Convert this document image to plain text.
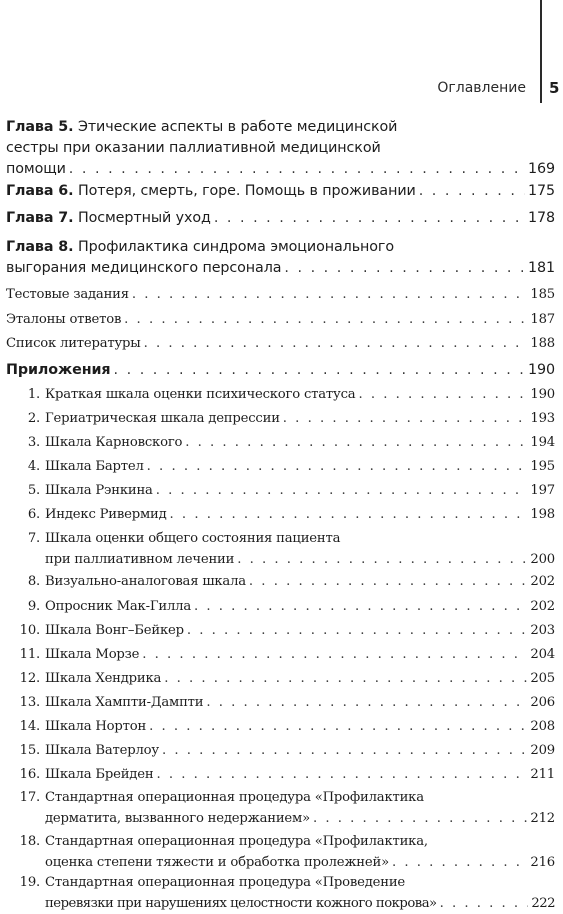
Оглавление 5
Глава 5. Этические аспекты в работе медицинской
сестры при оказании паллиативной медицинской
помощи . . .	169
Глава 6. Потеря, смерть, горе. Помощь в проживании . . .	175
Глава 7. Посмертный уход . . .	178
Глава 8. Профилактика синдрома эмоционального
выгорания медицинского персонала . . .	181
Тестовые задания . . .	185
Эталоны ответов . . .	187
Список литературы . . .	188
Приложения . . .	190
1. Краткая шкала оценки психического статуса . . .	190
2. Гериатрическая шкала депрессии . . .	193
3. Шкала Карновского . . .	194
4. Шкала Бартел . . .	195
5. Шкала Рэнкина . . .	197
6. Индекс Ривермид . . .	198
7. Шкала оценки общего состояния пациента
при паллиативном лечении . . .	200
8. Визуально-аналоговая шкала . . .	202
9. Опросник Мак-Гилла . . .	202
10. Шкала Вонг–Бейкер . . .	203
11. Шкала Морзе . . .	204
12. Шкала Хендрика . . .	205
13. Шкала Хампти-Дампти . . .	206
14. Шкала Нортон . . .	208
15. Шкала Ватерлоу . . .	209
16. Шкала Брейден . . .	211
17. Стандартная операционная процедура «Профилактика
дерматита, вызванного недержанием» . . .	212
18. Стандартная операционная процедура «Профилактика,
оценка степени тяжести и обработка пролежней» . . .	216
19. Стандартная операционная процедура «Проведение
перевязки при нарушениях целостности кожного покрова» . . .	222
